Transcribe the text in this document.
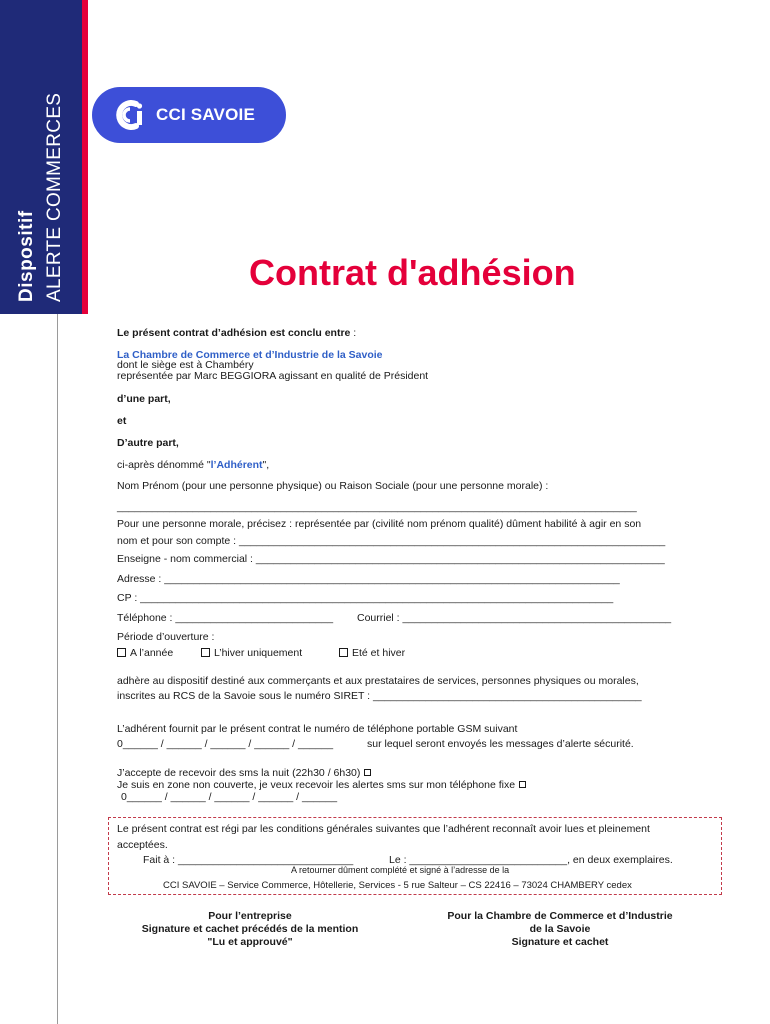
Dispositif ALERTE COMMERCES	CCI SAVOIE
Contrat d'adhésion
Le présent contrat d’adhésion est conclu entre :
La Chambre de Commerce et d’Industrie de la Savoie
dont le siège est à Chambéry
représentée par Marc BEGGIORA agissant en qualité de Président
d’une part,
et
D’autre part,
ci-après dénommé "l’Adhérent",
Nom Prénom (pour une personne physique) ou Raison Sociale (pour une personne morale) :
_________________________________________________________________________________________
Pour une personne morale, précisez : représentée par (civilité nom prénom qualité) dûment habilité à agir en son
nom et pour son compte : _________________________________________________________________________
Enseigne - nom commercial : ______________________________________________________________________
Adresse : ______________________________________________________________________________
CP : _________________________________________________________________________________
Téléphone : ___________________________ Courriel : ______________________________________________
Période d’ouverture :
A l’année	L’hiver uniquement	Eté et hiver
adhère au dispositif destiné aux commerçants et aux prestataires de services, personnes physiques ou morales,
inscrites au RCS de la Savoie sous le numéro SIRET : ______________________________________________
L’adhérent fournit par le présent contrat le numéro de téléphone portable GSM suivant
0______ / ______ / ______ / ______ / ______	sur lequel seront envoyés les messages d’alerte sécurité.
J’accepte de recevoir des sms la nuit (22h30 / 6h30)
Je suis en zone non couverte, je veux recevoir les alertes sms sur mon téléphone fixe
0______ / ______ / ______ / ______ / ______
Le présent contrat est régi par les conditions générales suivantes que l’adhérent reconnaît avoir lues et pleinement
acceptées.
Fait à : ______________________________	Le : ___________________________, en deux exemplaires.
A retourner dûment complété et signé à l’adresse de la
CCI SAVOIE – Service Commerce, Hôtellerie, Services - 5 rue Salteur – CS 22416 – 73024 CHAMBERY cedex
Pour l’entreprise
Signature et cachet précédés de la mention
"Lu et approuvé"
Pour la Chambre de Commerce et d’Industrie
de la Savoie
Signature et cachet
